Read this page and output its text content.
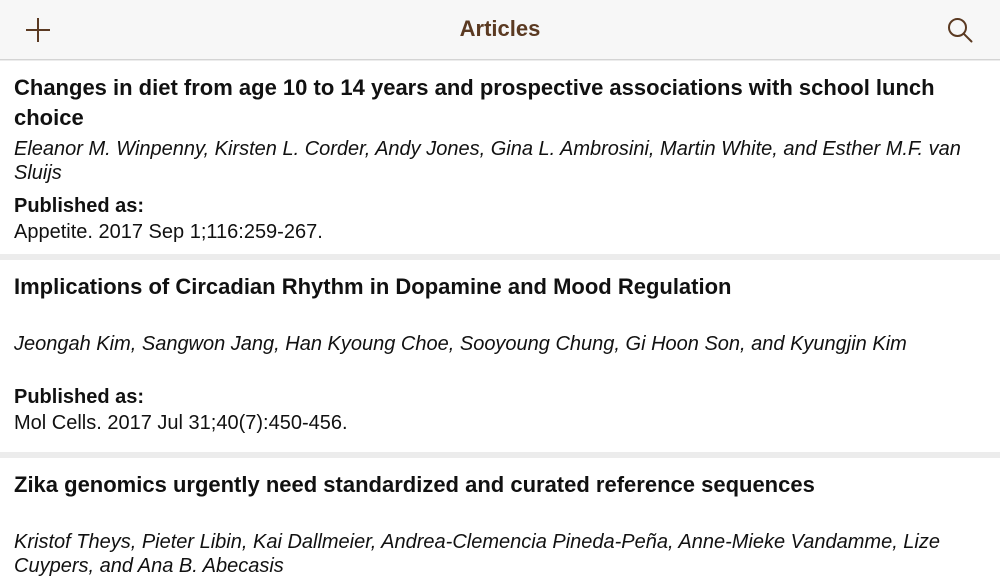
Articles

Changes in diet from age 10 to 14 years and prospective associations with school lunch choice

Eleanor M. Winpenny, Kirsten L. Corder, Andy Jones, Gina L. Ambrosini, Martin White, and Esther M.F. van Sluijs

Published as:

Appetite. 2017 Sep 1;116:259-267.

Implications of Circadian Rhythm in Dopamine and Mood Regulation

Jeongah Kim, Sangwon Jang, Han Kyoung Choe, Sooyoung Chung, Gi Hoon Son, and Kyungjin Kim

Published as:

Mol Cells. 2017 Jul 31;40(7):450-456.

Zika genomics urgently need standardized and curated reference sequences

Kristof Theys, Pieter Libin, Kai Dallmeier, Andrea-Clemencia Pineda-Peña, Anne-Mieke Vandamme, Lize Cuypers, and Ana B. Abecasis
